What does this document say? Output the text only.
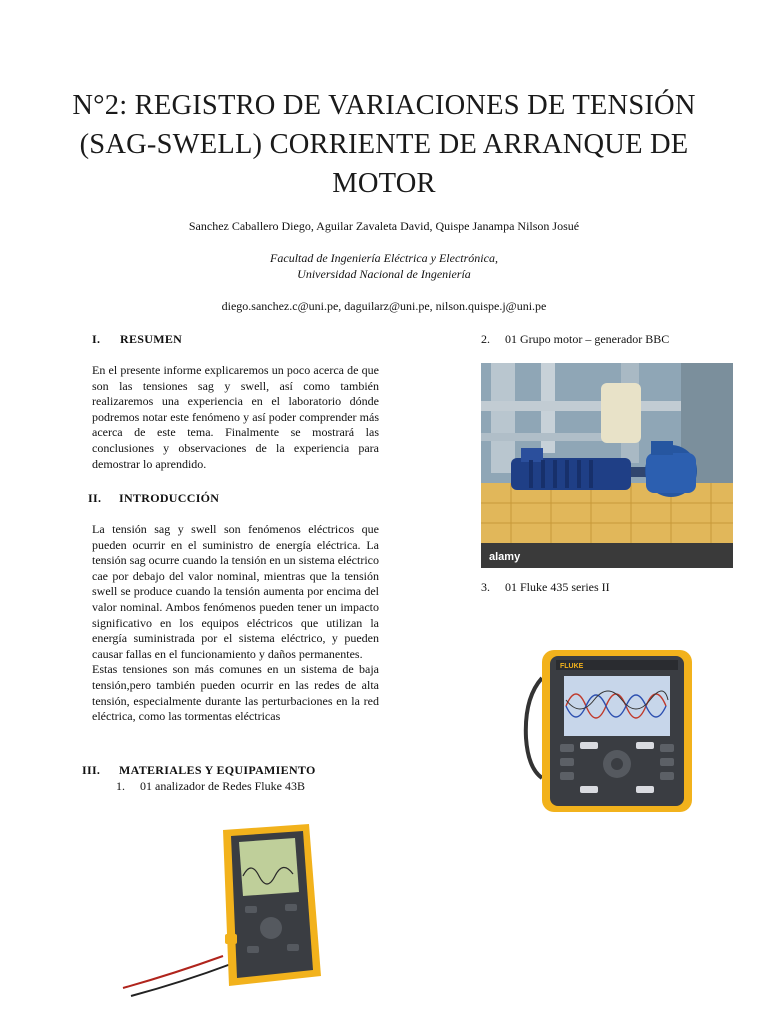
N°2: REGISTRO DE VARIACIONES DE TENSIÓN (SAG-SWELL) CORRIENTE DE ARRANQUE DE MOTOR
Sanchez Caballero Diego, Aguilar Zavaleta David, Quispe Janampa Nilson Josué
Facultad de Ingeniería Eléctrica y Electrónica,
Universidad Nacional de Ingeniería
diego.sanchez.c@uni.pe, daguilarz@uni.pe, nilson.quispe.j@uni.pe
I. RESUMEN

En el presente informe explicaremos un poco acerca de que son las tensiones sag y swell, así como también realizaremos una experiencia en el laboratorio dónde podremos notar este fenómeno y así poder comprender más acerca de este tema. Finalmente se mostrará las conclusiones y observaciones de la experiencia para demostrar lo aprendido.

II. INTRODUCCIÓN

La tensión sag y swell son fenómenos eléctricos que pueden ocurrir en el suministro de energía eléctrica. La tensión sag ocurre cuando la tensión en un sistema eléctrico cae por debajo del valor nominal, mientras que la tensión swell se produce cuando la tensión aumenta por encima del valor nominal. Ambos fenómenos pueden tener un impacto significativo en los equipos eléctricos que utilizan la energía suministrada por el sistema eléctrico, y pueden causar fallas en el funcionamiento y daños permanentes.

Estas tensiones son más comunes en un sistema de baja tensión,pero también pueden ocurrir en las redes de alta tensión, especialmente durante las perturbaciones en la red eléctrica, como las tormentas eléctricas

III. MATERIALES Y EQUIPAMIENTO
1. 01 analizador de Redes Fluke 43B
2. 01 Grupo motor – generador BBC
3. 01 Fluke 435 series II
alamy
FLUKE
